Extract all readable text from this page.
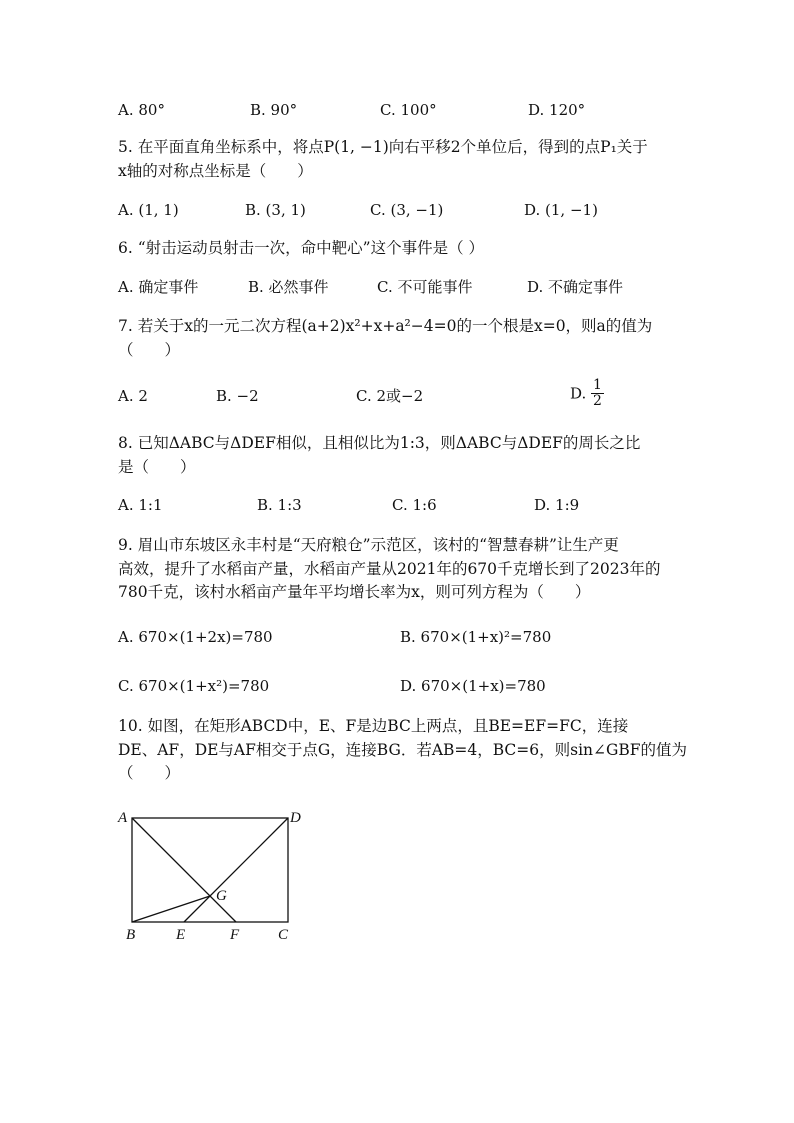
A. 80°	B. 90°	C. 100°	D. 120°
5. 在平面直角坐标系中，将点P(1, −1)向右平移2个单位后，得到的点P₁关于
x轴的对称点坐标是（　　）
A. (1, 1)	B. (3, 1)	C. (3, −1)	D. (1, −1)
6. “射击运动员射击一次，命中靶心”这个事件是（ ）
A. 确定事件	B. 必然事件	C. 不可能事件	D. 不确定事件
7. 若关于x的一元二次方程(a+2)x²+x+a²−4=0的一个根是x=0，则a的值为
（　　）
A. 2	B. −2	C. 2或−2	D. $\frac{1}{2}$
8. 已知ΔABC与ΔDEF相似，且相似比为1:3，则ΔABC与ΔDEF的周长之比
是（　　）
A. 1:1	B. 1:3	C. 1:6	D. 1:9
9. 眉山市东坡区永丰村是“天府粮仓”示范区，该村的“智慧春耕”让生产更
高效，提升了水稻亩产量，水稻亩产量从2021年的670千克增长到了2023年的
780千克，该村水稻亩产量年平均增长率为x，则可列方程为（　　）
A. 670×(1+2x)=780	B. 670×(1+x)²=780
C. 670×(1+x²)=780	D. 670×(1+x)=780
10. 如图，在矩形ABCD中，E、F是边BC上两点，且BE=EF=FC，连接
DE、AF，DE与AF相交于点G，连接BG．若AB=4，BC=6，则sin∠GBF的值为
（　　）
A	D
G
B	E	F	C
